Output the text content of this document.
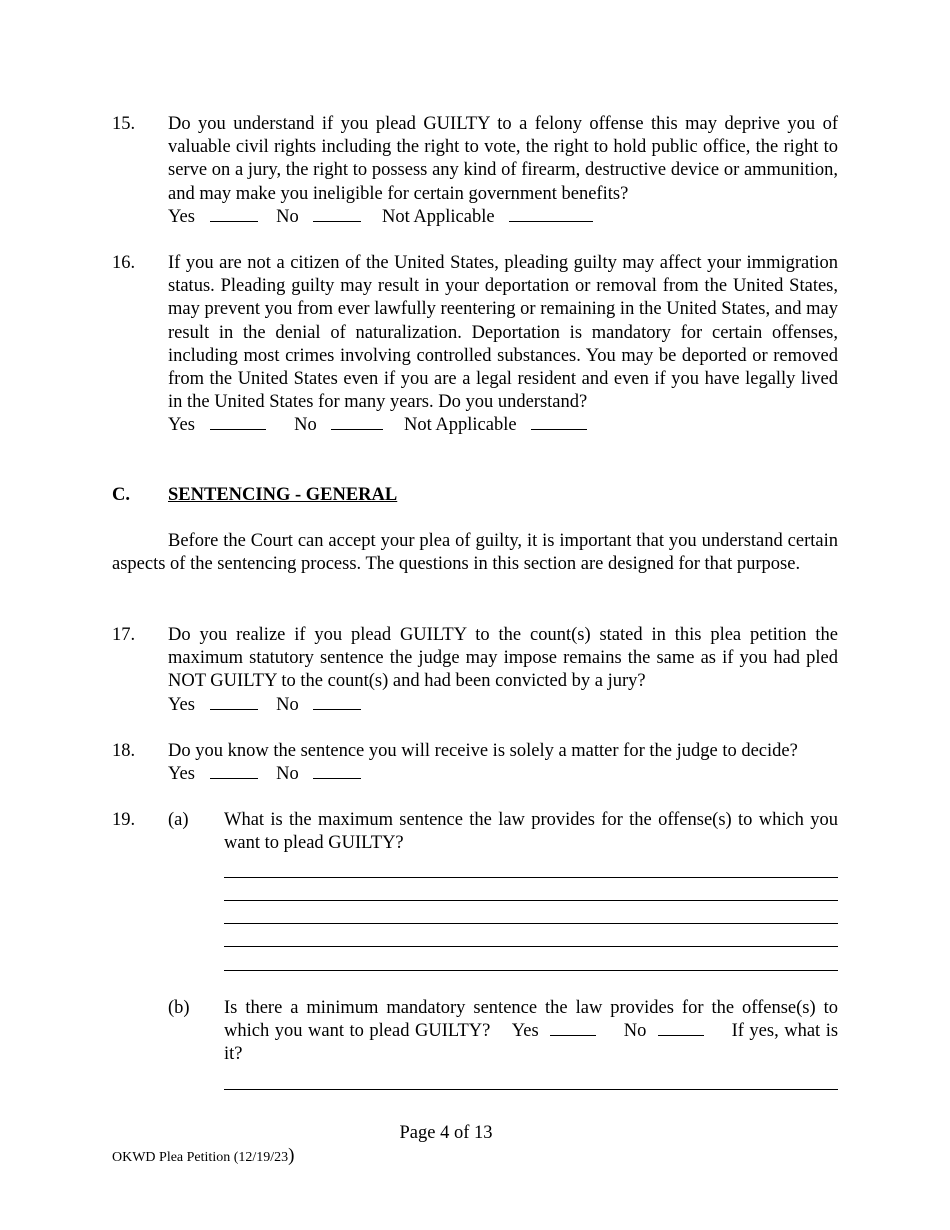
15. Do you understand if you plead GUILTY to a felony offense this may deprive you of valuable civil rights including the right to vote, the right to hold public office, the right to serve on a jury, the right to possess any kind of firearm, destructive device or ammunition, and may make you ineligible for certain government benefits?
Yes	No	Not Applicable
16. If you are not a citizen of the United States, pleading guilty may affect your immigration status. Pleading guilty may result in your deportation or removal from the United States, may prevent you from ever lawfully reentering or remaining in the United States, and may result in the denial of naturalization. Deportation is mandatory for certain offenses, including most crimes involving controlled substances. You may be deported or removed from the United States even if you are a legal resident and even if you have legally lived in the United States for many years. Do you understand?
Yes	No	Not Applicable
C. SENTENCING - GENERAL
Before the Court can accept your plea of guilty, it is important that you understand certain aspects of the sentencing process. The questions in this section are designed for that purpose.
17. Do you realize if you plead GUILTY to the count(s) stated in this plea petition the maximum statutory sentence the judge may impose remains the same as if you had pled NOT GUILTY to the count(s) and had been convicted by a jury?
Yes	No
18. Do you know the sentence you will receive is solely a matter for the judge to decide?
Yes	No
19. (a) What is the maximum sentence the law provides for the offense(s) to which you want to plead GUILTY?
(b) Is there a minimum mandatory sentence the law provides for the offense(s) to which you want to plead GUILTY? Yes	No	If yes, what is it?
Page 4 of 13
OKWD Plea Petition (12/19/23)
